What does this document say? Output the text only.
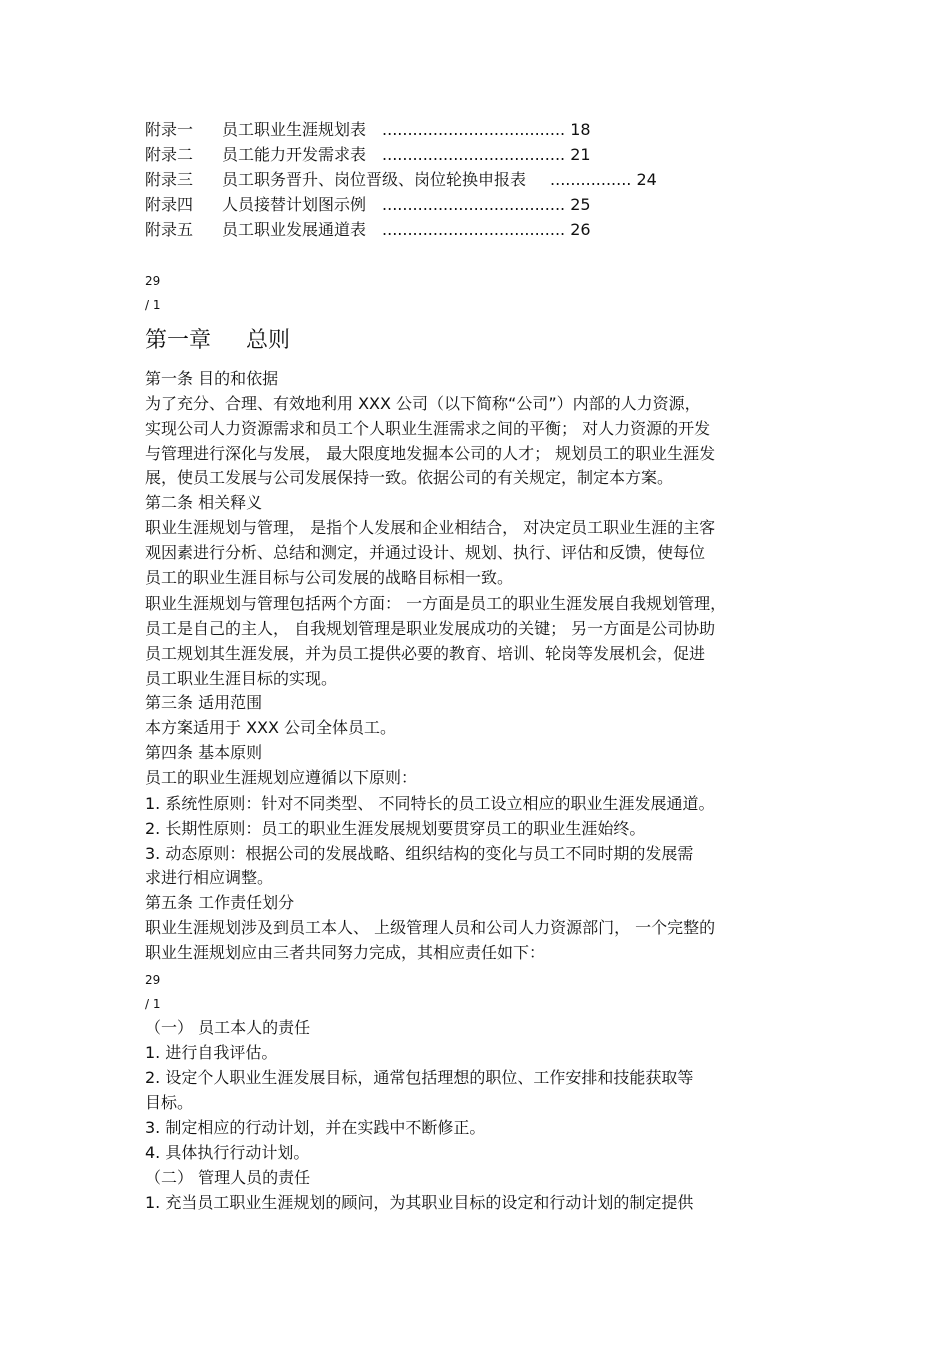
附录一 员工职业生涯规划表  .................................... 18
附录二 员工能力开发需求表  .................................... 21
附录三 员工职务晋升、岗位晋级、岗位轮换申报表   ................ 24
附录四 人员接替计划图示例  .................................... 25
附录五 员工职业发展通道表  .................................... 26
29
/ 1
第一章     总则
第一条 目的和依据
为了充分、合理、有效地利用 XXX 公司（以下简称“公司”）内部的人力资源，
实现公司人力资源需求和员工个人职业生涯需求之间的平衡； 对人力资源的开发
与管理进行深化与发展， 最大限度地发掘本公司的人才； 规划员工的职业生涯发
展，使员工发展与公司发展保持一致。依据公司的有关规定，制定本方案。
第二条 相关释义
职业生涯规划与管理， 是指个人发展和企业相结合， 对决定员工职业生涯的主客
观因素进行分析、总结和测定，并通过设计、规划、执行、评估和反馈，使每位
员工的职业生涯目标与公司发展的战略目标相一致。
职业生涯规划与管理包括两个方面： 一方面是员工的职业生涯发展自我规划管理，
员工是自己的主人， 自我规划管理是职业发展成功的关键； 另一方面是公司协助
员工规划其生涯发展，并为员工提供必要的教育、培训、轮岗等发展机会，促进
员工职业生涯目标的实现。
第三条 适用范围
本方案适用于 XXX 公司全体员工。
第四条 基本原则
员工的职业生涯规划应遵循以下原则：
1. 系统性原则：针对不同类型、 不同特长的员工设立相应的职业生涯发展通道。
2. 长期性原则：员工的职业生涯发展规划要贯穿员工的职业生涯始终。
3. 动态原则：根据公司的发展战略、组织结构的变化与员工不同时期的发展需
求进行相应调整。
第五条 工作责任划分
职业生涯规划涉及到员工本人、 上级管理人员和公司人力资源部门， 一个完整的
职业生涯规划应由三者共同努力完成，其相应责任如下：
29
/ 1
（一） 员工本人的责任
1. 进行自我评估。
2. 设定个人职业生涯发展目标，通常包括理想的职位、工作安排和技能获取等
目标。
3. 制定相应的行动计划，并在实践中不断修正。
4. 具体执行行动计划。
（二） 管理人员的责任
1. 充当员工职业生涯规划的顾问，为其职业目标的设定和行动计划的制定提供
